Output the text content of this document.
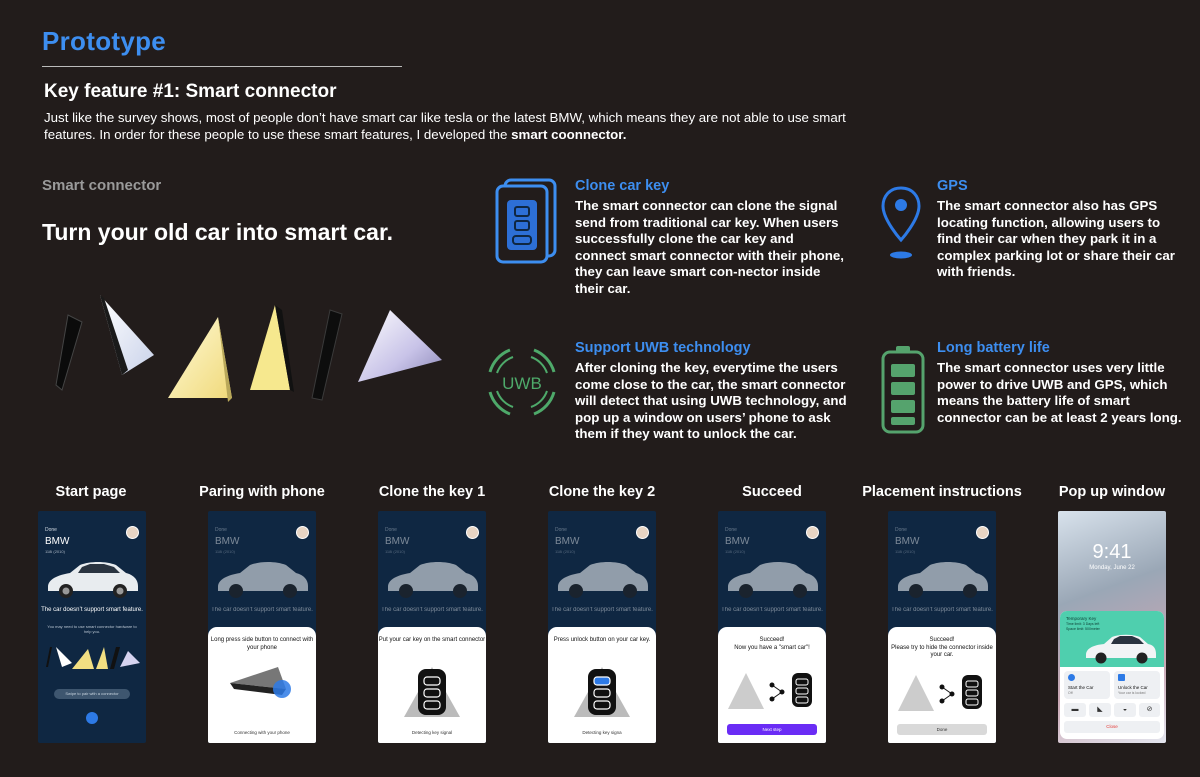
Prototype
Key feature #1: Smart connector
Just like the survey shows, most of people don’t have smart car like tesla or the latest BMW, which means they are not able to use smart features. In order for these people to use these smart features, I developed the smart coonnector.
Smart connector
Turn your old car into smart car.
Clone car key
The smart connector can clone the signal send from traditional car key. When users successfully clone the car key and connect smart connector with their phone, they can leave smart con-nector inside their car.
GPS
The smart connector also has GPS locating function, allowing users to find their car when they park it in a complex parking lot or share their car with friends.
UWB
Support UWB technology
After cloning the key, everytime the users come close to the car, the smart connector will detect that using UWB technology, and pop up a window on users’ phone to ask them if they want to unlock the car.
Long battery life
The smart connector uses very little power to drive UWB and GPS, which means the battery life of smart connector can be at least 2 years long.
Start page	Paring with phone	Clone the key 1	Clone the key 2	Succeed	Placement instructions	Pop up window
Done
BMW
118i (2010)
The car doesn’t support smart feature.
You may need to use smart connector hardware to help you.
Swipe to pair with a connector
Done
BMW
118i (2010)
The car doesn’t support smart feature.
Long press side button to connect with your phone
Connecting with your phone
Done
BMW
118i (2010)
The car doesn’t support smart feature.
Put your car key on the smart connector
Detecting key signal
Done
BMW
118i (2010)
The car doesn’t support smart feature.
Press unlock button on your car key.
Detecting key signa
Done
BMW
118i (2010)
The car doesn’t support smart feature.
Succeed!
Now you have a "smart car"!
Next step
Done
BMW
118i (2010)
The car doesn’t support smart feature.
Succeed!
Please try to hide the connector inside your car.
Done
9:41
Monday, June 22
Temporary Key
Time limit: 3 Days left
Space limit: 500meter
Start the Car
Off
Unlock the Car
Your car is locked
▬	◣	◒	⊘
Close
